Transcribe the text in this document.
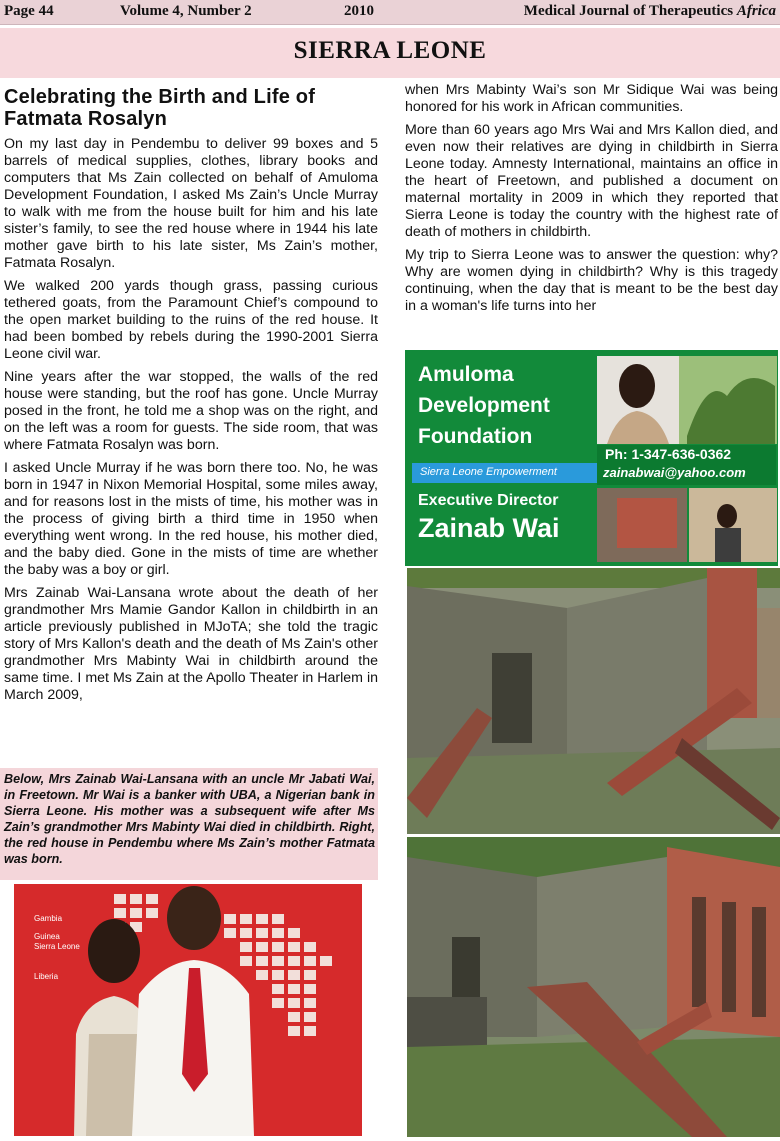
Page 44	Volume 4, Number 2	2010	Medical Journal of Therapeutics Africa
SIERRA LEONE
Celebrating the Birth and Life of Fatmata Rosalyn

On my last day in Pendembu to deliver 99 boxes and 5 barrels of medical supplies, clothes, library books and computers that Ms Zain collected on behalf of Amuloma Development Foundation, I asked Ms Zain’s Uncle Murray to walk with me from the house built for him and his late sister’s family, to see the red house where in 1944 his late mother gave birth to his late sister, Ms Zain’s mother, Fatmata Rosalyn.

We walked 200 yards though grass, passing curious tethered goats, from the Paramount Chief’s compound to the open market building to the ruins of the red house. It had been bombed by rebels during the 1990-2001 Sierra Leone civil war.

Nine years after the war stopped, the walls of the red house were standing, but the roof has gone. Uncle Murray posed in the front, he told me a shop was on the right, and on the left was a room for guests. The side room, that was where Fatmata Rosalyn was born.

I asked Uncle Murray if he was born there too. No, he was born in 1947 in Nixon Memorial Hospital, some miles away, and for reasons lost in the mists of time, his mother was in the process of giving birth a third time in 1950 when everything went wrong. In the red house, his mother died, and the baby died. Gone in the mists of time are whether the baby was a boy or girl.

Mrs Zainab Wai-Lansana wrote about the death of her grandmother Mrs Mamie Gandor Kallon in childbirth in an article previously published in MJoTA; she told the tragic story of Mrs Kallon's death and the death of Ms Zain's other grandmother Mrs Mabinty Wai in childbirth around the same time. I met Ms Zain at the Apollo Theater in Harlem in March 2009,

Below, Mrs Zainab Wai-Lansana with an uncle Mr Jabati Wai, in Freetown. Mr Wai is a banker with UBA, a Nigerian bank in Sierra Leone. His mother was a subsequent wife after Ms Zain’s grandmother Mrs Mabinty Wai died in childbirth. Right, the red house in Pendembu where Ms Zain’s mother Fatmata was born.

Gambia
Guinea
Sierra Leone
Liberia

when Mrs Mabinty Wai’s son Mr Sidique Wai was being honored for his work in African communities.

More than 60 years ago Mrs Wai and Mrs Kallon died, and even now their relatives are dying in childbirth in Sierra Leone today. Amnesty International, maintains an office in the heart of Freetown, and published a document on maternal mortality in 2009 in which they reported that Sierra Leone is today the country with the highest rate of death of mothers in childbirth.

My trip to Sierra Leone was to answer the question: why? Why are women dying in childbirth? Why is this tragedy continuing, when the day that is meant to be the best day in a woman's life turns into her

Amuloma
Development
Foundation
Ph: 1-347-636-0362
zainabwai@yahoo.com
Sierra Leone Empowerment
Executive Director
Zainab Wai
